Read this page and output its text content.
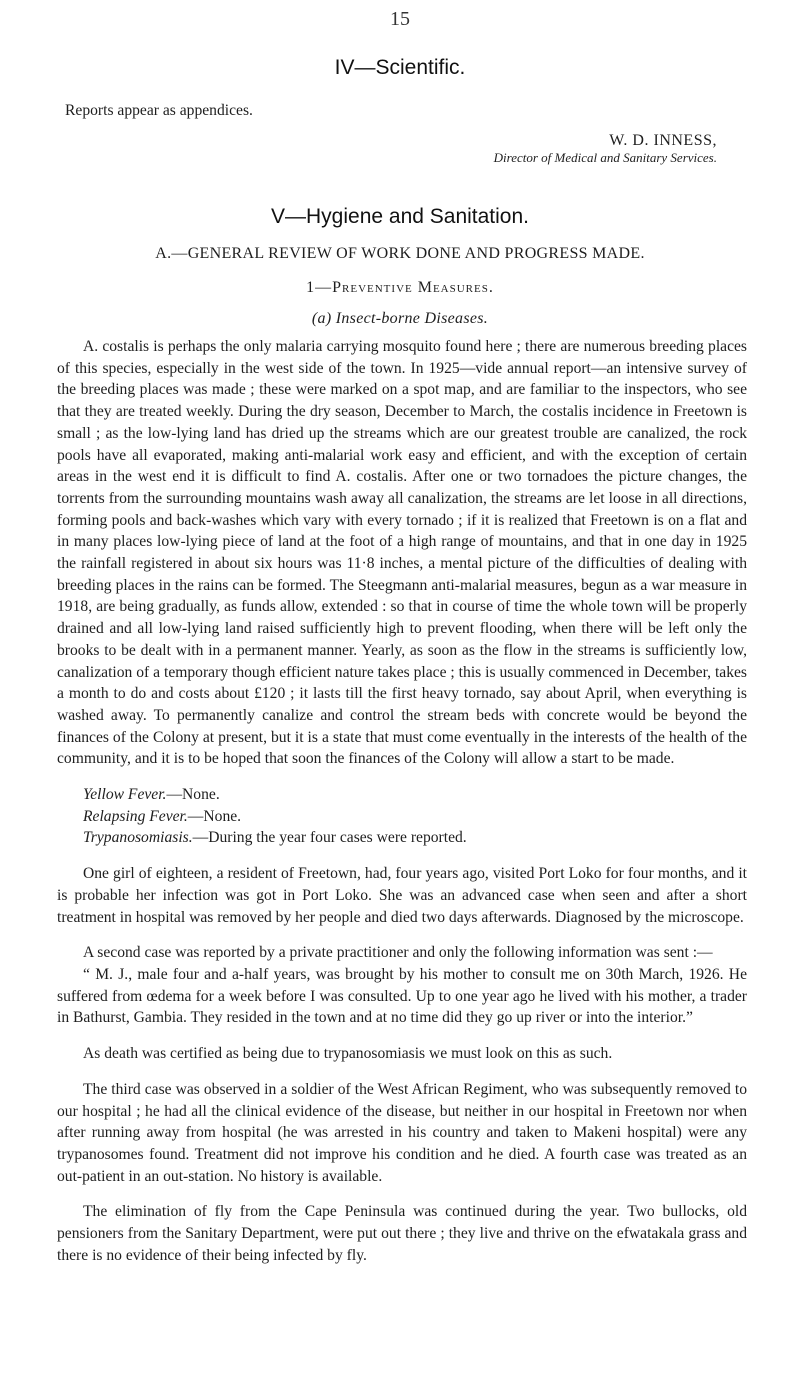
15
IV—Scientific.

Reports appear as appendices.

W. D. INNESS,
Director of Medical and Sanitary Services.
V—Hygiene and Sanitation.
A.—GENERAL REVIEW OF WORK DONE AND PROGRESS MADE.
1—Preventive Measures.
(a) Insect-borne Diseases.

A. costalis is perhaps the only malaria carrying mosquito found here ; there are numerous breeding places of this species, especially in the west side of the town. In 1925—vide annual report—an intensive survey of the breeding places was made ; these were marked on a spot map, and are familiar to the inspectors, who see that they are treated weekly. During the dry season, December to March, the costalis incidence in Freetown is small ; as the low-lying land has dried up the streams which are our greatest trouble are canalized, the rock pools have all evaporated, making anti-malarial work easy and efficient, and with the exception of certain areas in the west end it is difficult to find A. costalis. After one or two tornadoes the picture changes, the torrents from the surrounding mountains wash away all canalization, the streams are let loose in all directions, forming pools and back-washes which vary with every tornado ; if it is realized that Freetown is on a flat and in many places low-lying piece of land at the foot of a high range of mountains, and that in one day in 1925 the rainfall registered in about six hours was 11·8 inches, a mental picture of the difficulties of dealing with breeding places in the rains can be formed. The Steegmann anti-malarial measures, begun as a war measure in 1918, are being gradually, as funds allow, extended : so that in course of time the whole town will be properly drained and all low-lying land raised sufficiently high to prevent flooding, when there will be left only the brooks to be dealt with in a permanent manner. Yearly, as soon as the flow in the streams is sufficiently low, canalization of a temporary though efficient nature takes place ; this is usually commenced in December, takes a month to do and costs about £120 ; it lasts till the first heavy tornado, say about April, when everything is washed away. To permanently canalize and control the stream beds with concrete would be beyond the finances of the Colony at present, but it is a state that must come eventually in the interests of the health of the community, and it is to be hoped that soon the finances of the Colony will allow a start to be made.

Yellow Fever.—None.

Relapsing Fever.—None.

Trypanosomiasis.—During the year four cases were reported.

One girl of eighteen, a resident of Freetown, had, four years ago, visited Port Loko for four months, and it is probable her infection was got in Port Loko. She was an advanced case when seen and after a short treatment in hospital was removed by her people and died two days afterwards. Diagnosed by the microscope.

A second case was reported by a private practitioner and only the following information was sent :—

“ M. J., male four and a-half years, was brought by his mother to consult me on 30th March, 1926. He suffered from œdema for a week before I was consulted. Up to one year ago he lived with his mother, a trader in Bathurst, Gambia. They resided in the town and at no time did they go up river or into the interior.”

As death was certified as being due to trypanosomiasis we must look on this as such.

The third case was observed in a soldier of the West African Regiment, who was subsequently removed to our hospital ; he had all the clinical evidence of the disease, but neither in our hospital in Freetown nor when after running away from hospital (he was arrested in his country and taken to Makeni hospital) were any trypanosomes found. Treatment did not improve his condition and he died. A fourth case was treated as an out-patient in an out-station. No history is available.

The elimination of fly from the Cape Peninsula was continued during the year. Two bullocks, old pensioners from the Sanitary Department, were put out there ; they live and thrive on the efwatakala grass and there is no evidence of their being infected by fly.
